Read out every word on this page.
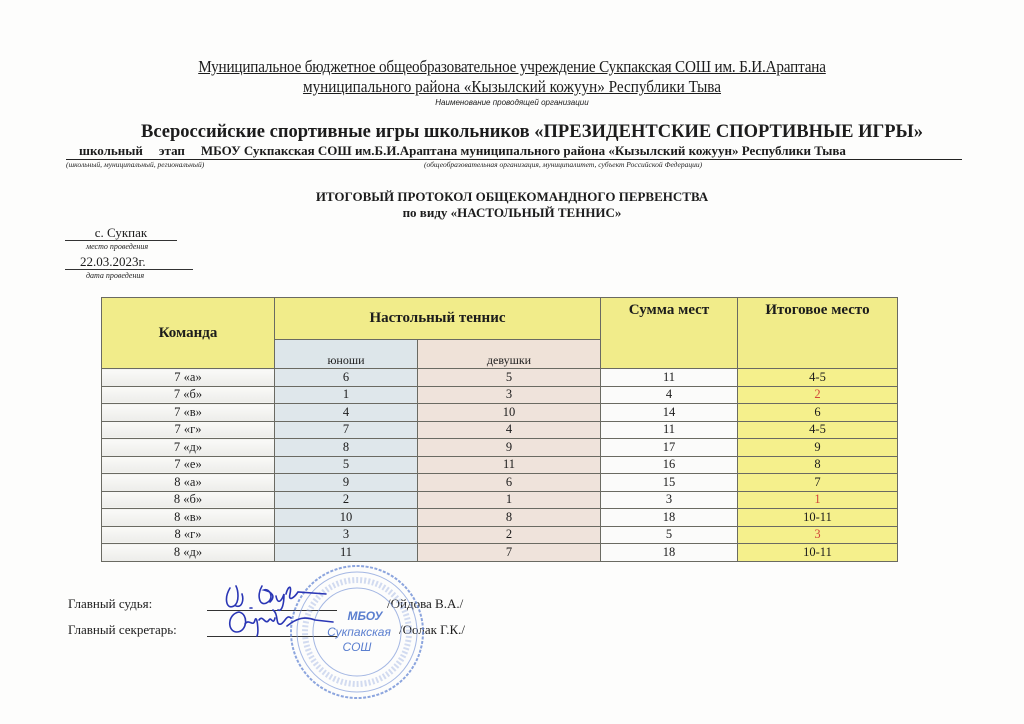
Муниципальное бюджетное общеобразовательное учреждение Сукпакская СОШ им. Б.И.Араптана
муниципального района «Кызылский кожуун» Республики Тыва
Наименование проводящей организации
Всероссийские спортивные игры школьников «ПРЕЗИДЕНТСКИЕ СПОРТИВНЫЕ ИГРЫ»
школьный этап МБОУ Сукпакская СОШ им.Б.И.Араптана муниципального района «Кызылский кожуун» Республики Тыва
(школьный, муниципальный, региональный)	(общеобразовательная организация, муниципалитет, субъект Российской Федерации)
ИТОГОВЫЙ ПРОТОКОЛ ОБЩЕКОМАНДНОГО ПЕРВЕНСТВА
по виду «НАСТОЛЬНЫЙ ТЕННИС»
с. Сукпак
место проведения
22.03.2023г.
дата проведения
Команда	Настольный теннис		Сумма мест	Итоговое место
	юноши	девушки		
7 «а»	6	5	11	4-5
7 «б»	1	3	4	2
7 «в»	4	10	14	6
7 «г»	7	4	11	4-5
7 «д»	8	9	17	9
7 «е»	5	11	16	8
8 «а»	9	6	15	7
8 «б»	2	1	3	1
8 «в»	10	8	18	10-11
8 «г»	3	2	5	3
8 «д»	11	7	18	10-11
Главный судья:	/Ойдова В.А./
Главный секретарь:	/Оолак Г.К./
МБОУ
Сукпакская
СОШ
